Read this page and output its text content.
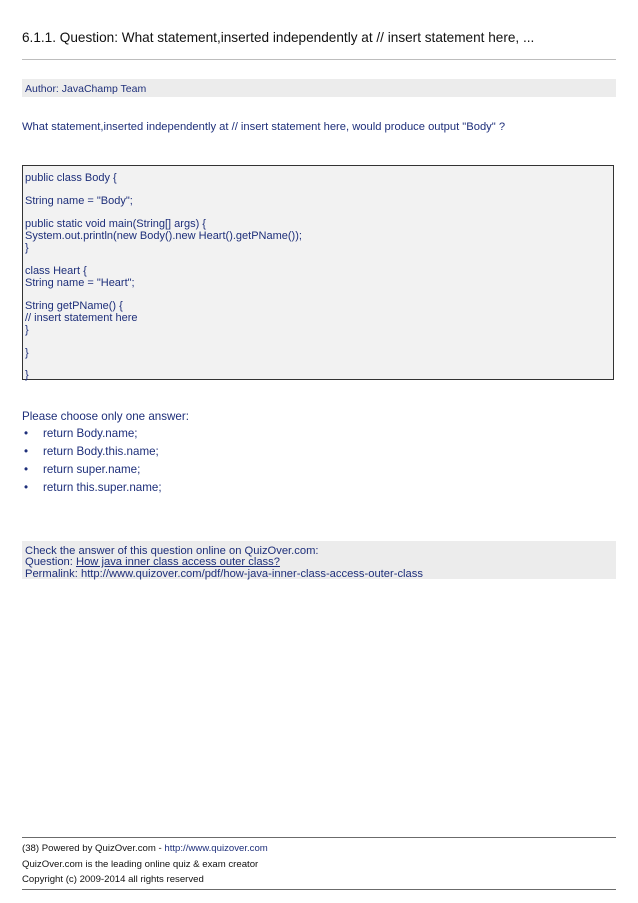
6.1.1. Question: What statement,inserted independently at // insert statement here, ...
Author: JavaChamp Team
What statement,inserted independently at // insert statement here, would produce output "Body" ?
public class Body {
String name = "Body";
public static void main(String[] args) {
System.out.println(new Body().new Heart().getPName());
}
class Heart {
String name = "Heart";
String getPName() {
// insert statement here
}
}
}
Please choose only one answer:
• return Body.name;
• return Body.this.name;
• return super.name;
• return this.super.name;
Check the answer of this question online on QuizOver.com:
Question: How java inner class access outer class?
Permalink: http://www.quizover.com/pdf/how-java-inner-class-access-outer-class
(38) Powered by QuizOver.com - http://www.quizover.com
QuizOver.com is the leading online quiz & exam creator
Copyright (c) 2009-2014 all rights reserved
